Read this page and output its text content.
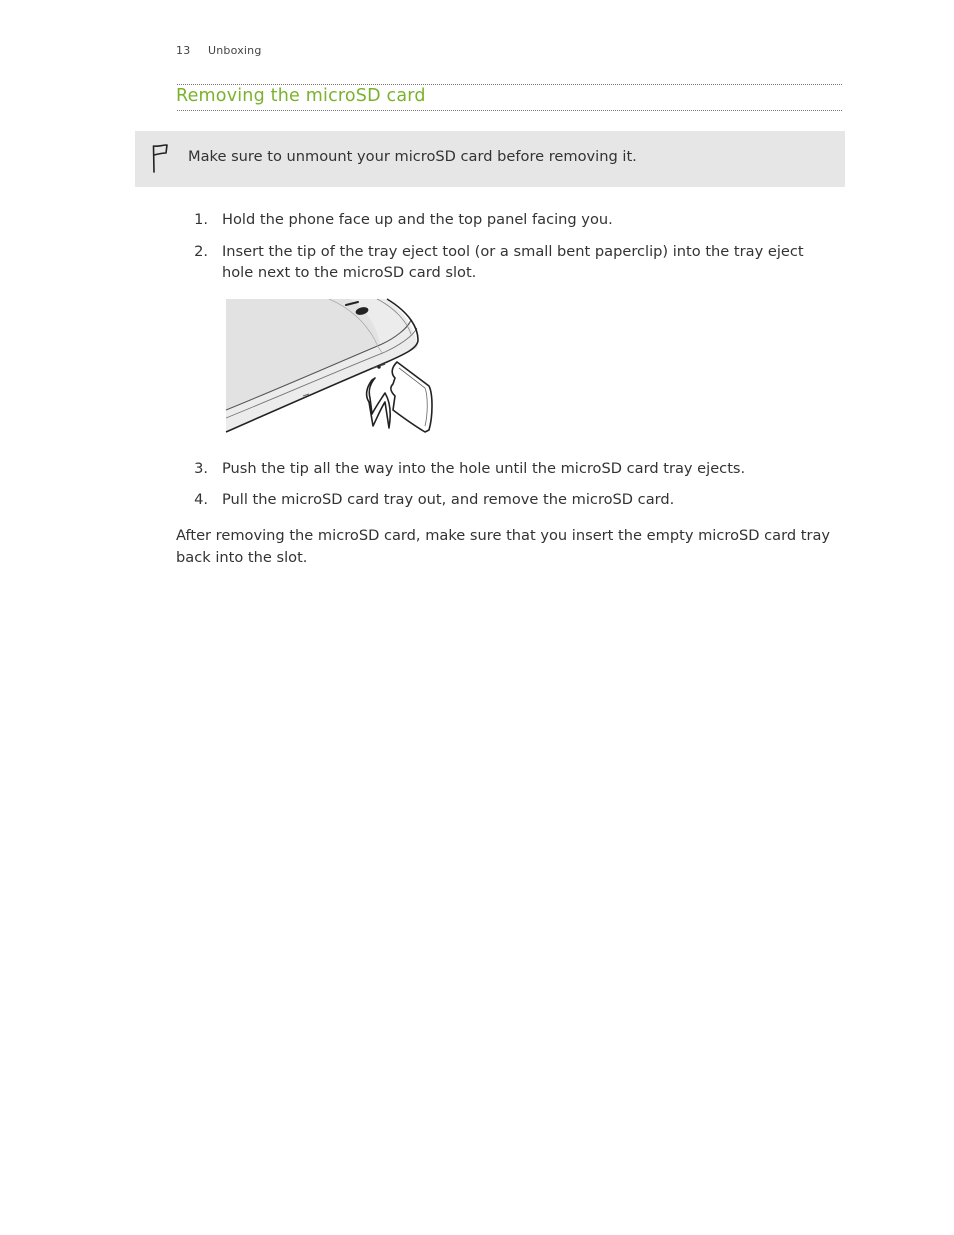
13 Unboxing
Removing the microSD card
Make sure to unmount your microSD card before removing it.
1. Hold the phone face up and the top panel facing you.
2. Insert the tip of the tray eject tool (or a small bent paperclip) into the tray eject hole next to the microSD card slot.
3. Push the tip all the way into the hole until the microSD card tray ejects.
4. Pull the microSD card tray out, and remove the microSD card.
After removing the microSD card, make sure that you insert the empty microSD card tray back into the slot.
